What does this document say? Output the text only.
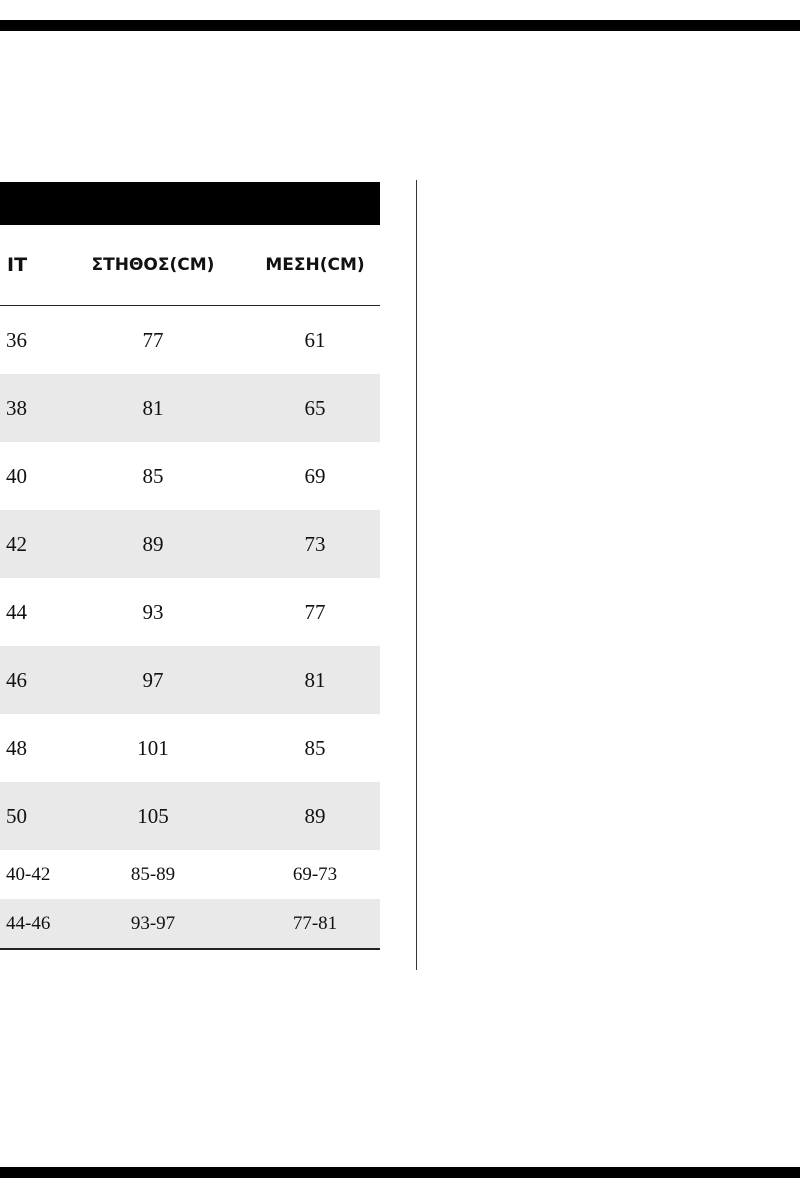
IT	ΣΤΗΘΟΣ(CM)	ΜΕΣΗ(CM)
36	77	61
38	81	65
40	85	69
42	89	73
44	93	77
46	97	81
48	101	85
50	105	89
40-42	85-89	69-73
44-46	93-97	77-81
